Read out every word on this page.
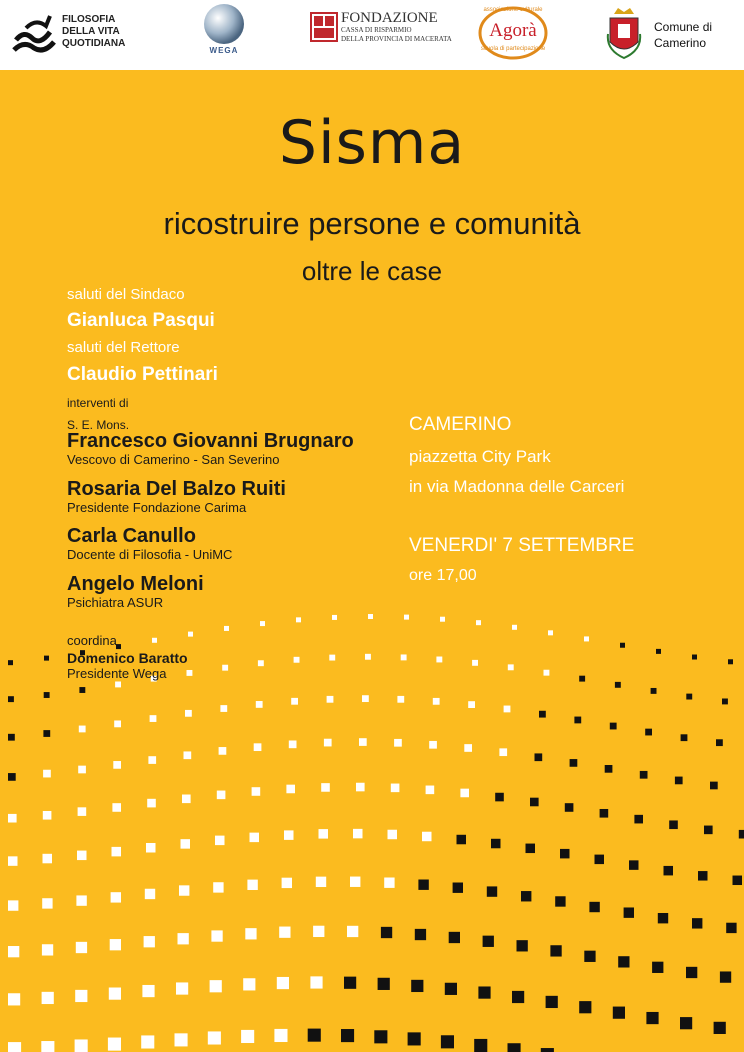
FILOSOFIA
DELLA VITA
QUOTIDIANA
WEGA
FONDAZIONE
CASSA DI RISPARMIO
DELLA PROVINCIA DI MACERATA
associazione culturale
Agorà
scuola di partecipazione
Comune di
Camerino
Sisma
ricostruire persone e comunità
oltre le case
saluti del Sindaco
Gianluca Pasqui
saluti del Rettore
Claudio Pettinari
interventi di
S. E. Mons.
Francesco Giovanni Brugnaro
Vescovo di Camerino - San Severino
Rosaria Del Balzo Ruiti
Presidente Fondazione Carima
Carla Canullo
Docente di Filosofia - UniMC
Angelo Meloni
Psichiatra ASUR
coordina
Domenico Baratto
Presidente Wega
CAMERINO
piazzetta City Park
in via Madonna delle Carceri
VENERDI' 7 SETTEMBRE
ore 17,00
